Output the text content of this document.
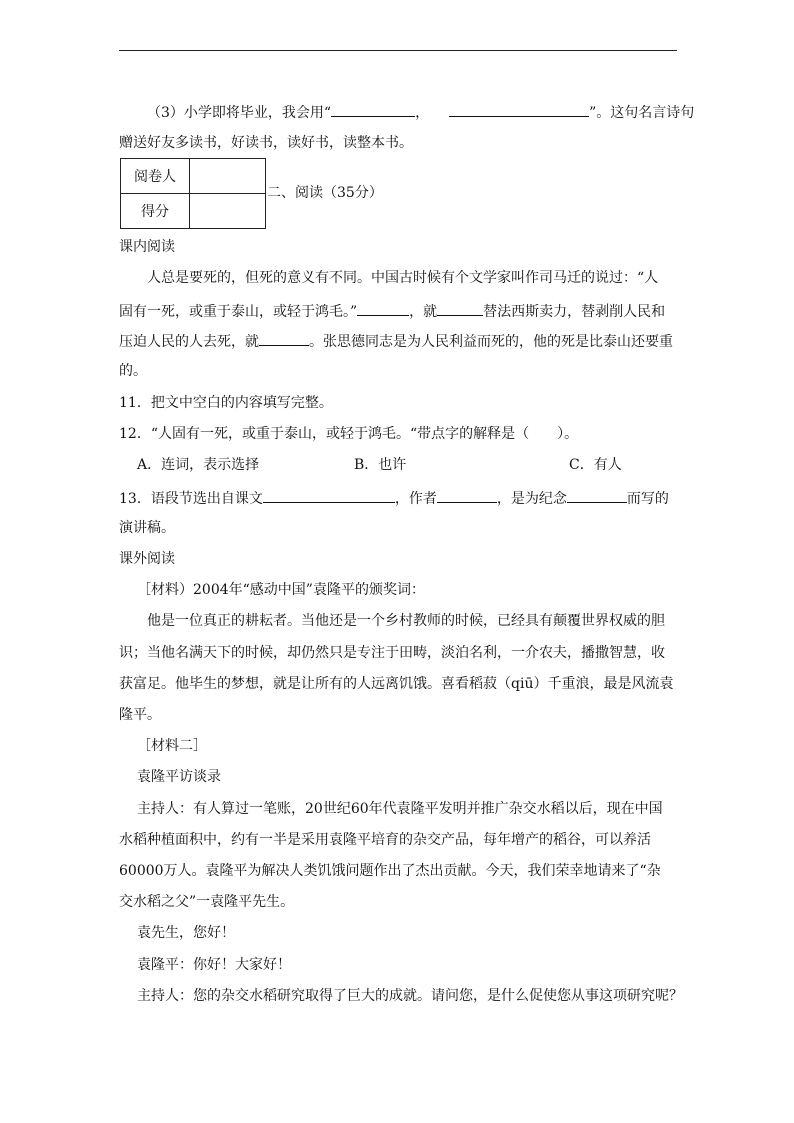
（3）小学即将毕业，我会用“	，	”。这句名言诗句
赠送好友多读书，好读书，读好书，读整本书。
阅卷人	
得分	
二、阅读（35分）
课内阅读
人总是要死的，但死的意义有不同。中国古时候有个文学家叫作司马迁的说过：“人
固有一死，或重于泰山，或轻于鸿毛。”	，就	替法西斯卖力，替剥削人民和
压迫人民的人去死，就	。张思德同志是为人民利益而死的，他的死是比泰山还要重
的。
11．把文中空白的内容填写完整。
12．“人固有一死，或重于泰山，或轻于鸿毛。“带点字的解释是（　　）。
A．连词，表示选择	B．也许	C．有人
13．语段节选出自课文	，作者	，是为纪念	而写的
演讲稿。
课外阅读
［材料）2004年“感动中国”袁隆平的颁奖词：
他是一位真正的耕耘者。当他还是一个乡村教师的时候，已经具有颠覆世界权威的胆
识；当他名满天下的时候，却仍然只是专注于田畴，淡泊名利，一介农夫，播撒智慧，收
获富足。他毕生的梦想，就是让所有的人远离饥饿。喜看稻菽（qiū）千重浪，最是风流袁
隆平。
［材料二］
袁隆平访谈录
主持人：有人算过一笔账，20世纪60年代袁隆平发明并推广杂交水稻以后，现在中国
水稻种植面积中，约有一半是采用袁隆平培育的杂交产品，每年增产的稻谷，可以养活
60000万人。袁隆平为解决人类饥饿问题作出了杰出贡献。今天，我们荣幸地请来了“杂
交水稻之父”一袁隆平先生。
袁先生，您好！
袁隆平：你好！大家好！
主持人：您的杂交水稻研究取得了巨大的成就。请问您，是什么促使您从事这项研究呢？
